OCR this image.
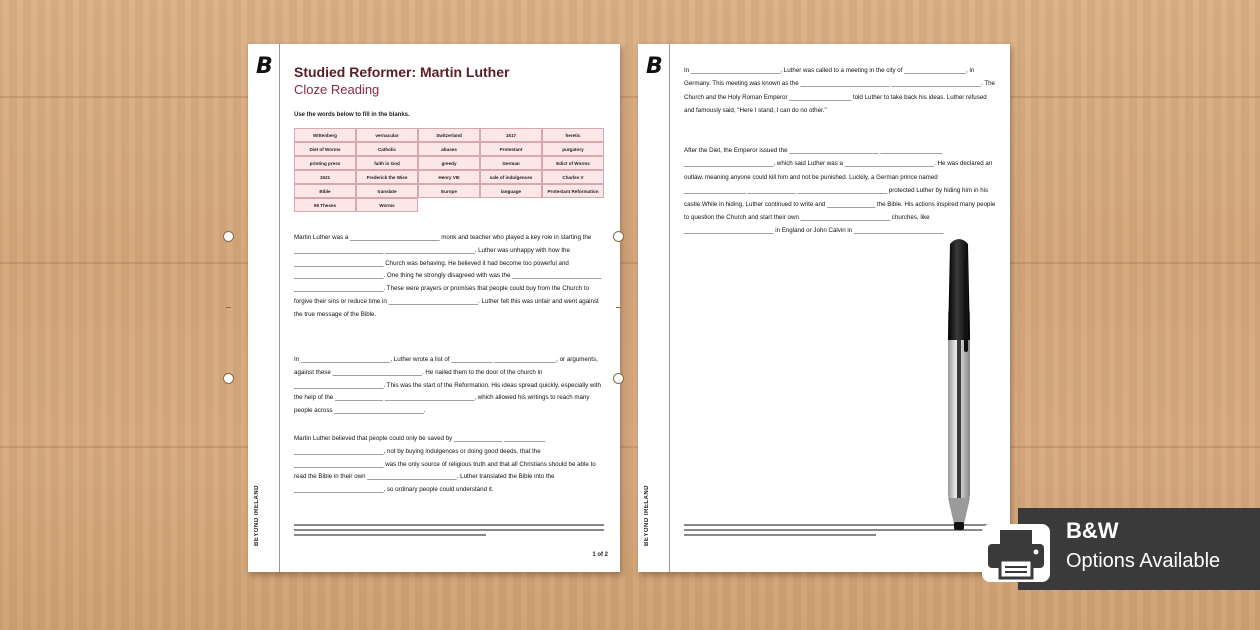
B
BEYOND IRELAND
Studied Reformer: Martin Luther
Cloze Reading
Use the words below to fill in the blanks.
Wittenberg	vernacular	Switzerland	1517	heretic
Diet of Worms	Catholic	abuses	Protestant	purgatory
printing press	faith in God	greedy	German	Edict of Worms
1521	Frederick the Wise	Henry VIII	sale of indulgences	Charles V
Bible	translate	Europe	language	Protestant Reformation
95 Theses	Worms
Martin Luther was a __________________________ monk and teacher who played a key role in starting the __________________________ __________________________. Luther was unhappy with how the __________________________ Church was behaving. He believed it had become too powerful and __________________________. One thing he strongly disagreed with was the __________________________ __________________________. These were prayers or promises that people could buy from the Church to forgive their sins or reduce time in __________________________. Luther felt this was unfair and went against the true message of the Bible.
In __________________________, Luther wrote a list of ____________ __________________, or arguments, against these __________________________. He nailed them to the door of the church in __________________________. This was the start of the Reformation. His ideas spread quickly, especially with the help of the ______________ __________________________, which allowed his writings to reach many people across __________________________.
Martin Luther believed that people could only be saved by ______________ ____________ __________________________, not by buying indulgences or doing good deeds, that the __________________________ was the only source of religious truth and that all Christians should be able to read the Bible in their own __________________________. Luther translated the Bible into the __________________________, so ordinary people could understand it.
1 of 2
B
BEYOND IRELAND
In __________________________, Luther was called to a meeting in the city of __________________, in Germany. This meeting was known as the __________________________ __________________________. The Church and the Holy Roman Emperor __________________ told Luther to take back his ideas. Luther refused and famously said, "Here I stand, I can do no other."
After the Diet, the Emperor issued the __________________________ __________________ __________________________, which said Luther was a __________________________. He was declared an outlaw, meaning anyone could kill him and not be punished. Luckily, a German prince named __________________ ______________ __________________________ protected Luther by hiding him in his castle.While in hiding, Luther continued to write and ______________ the Bible. His actions inspired many people to question the Church and start their own __________________________ churches, like __________________________ in England or John Calvin in __________________________
B&W
Options Available
